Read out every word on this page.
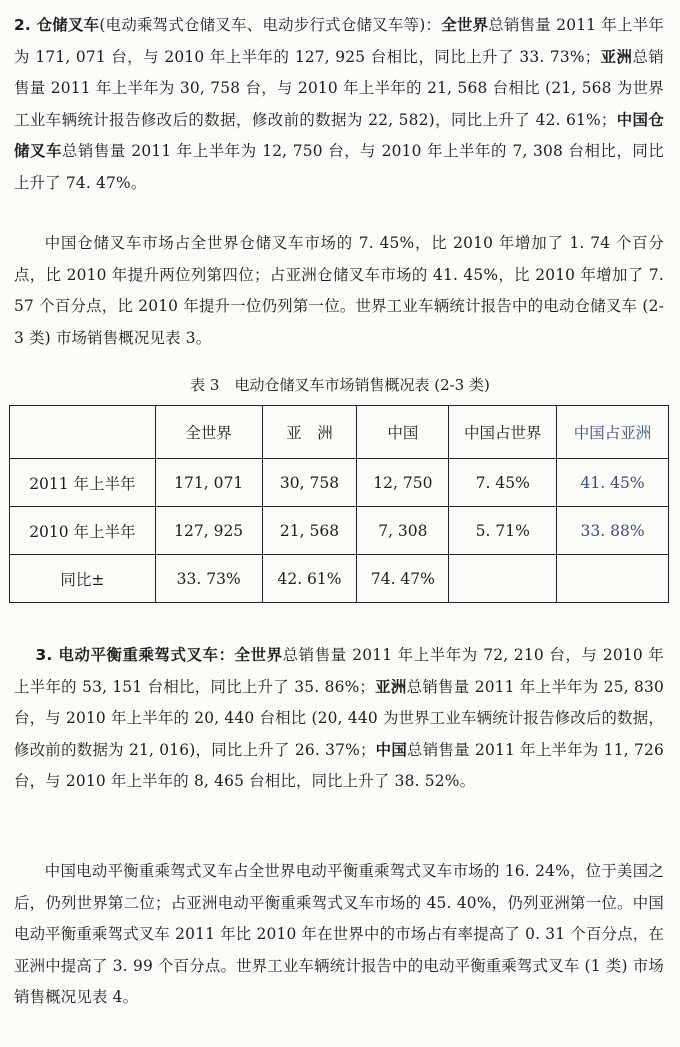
2. 仓储叉车(电动乘驾式仓储叉车、电动步行式仓储叉车等)：全世界总销售量 2011 年上半年为 171, 071 台，与 2010 年上半年的 127, 925 台相比，同比上升了 33. 73%；亚洲总销售量 2011 年上半年为 30, 758 台，与 2010 年上半年的 21, 568 台相比 (21, 568 为世界工业车辆统计报告修改后的数据，修改前的数据为 22, 582)，同比上升了 42. 61%；中国仓储叉车总销售量 2011 年上半年为 12, 750 台，与 2010 年上半年的 7, 308 台相比，同比上升了 74. 47%。

中国仓储叉车市场占全世界仓储叉车市场的 7. 45%，比 2010 年增加了 1. 74 个百分点，比 2010 年提升两位列第四位；占亚洲仓储叉车市场的 41. 45%，比 2010 年增加了 7. 57 个百分点，比 2010 年提升一位仍列第一位。世界工业车辆统计报告中的电动仓储叉车 (2-3 类) 市场销售概况见表 3。

表 3　电动仓储叉车市场销售概况表 (2-3 类)

	全世界	亚　洲	中国	中国占世界	中国占亚洲
2011 年上半年	171, 071	30, 758	12, 750	7. 45%	41. 45%
2010 年上半年	127, 925	21, 568	7, 308	5. 71%	33. 88%
同比±	33. 73%	42. 61%	74. 47%		

3. 电动平衡重乘驾式叉车：全世界总销售量 2011 年上半年为 72, 210 台，与 2010 年上半年的 53, 151 台相比，同比上升了 35. 86%；亚洲总销售量 2011 年上半年为 25, 830 台，与 2010 年上半年的 20, 440 台相比 (20, 440 为世界工业车辆统计报告修改后的数据，修改前的数据为 21, 016)，同比上升了 26. 37%；中国总销售量 2011 年上半年为 11, 726 台，与 2010 年上半年的 8, 465 台相比，同比上升了 38. 52%。

中国电动平衡重乘驾式叉车占全世界电动平衡重乘驾式叉车市场的 16. 24%，位于美国之后，仍列世界第二位；占亚洲电动平衡重乘驾式叉车市场的 45. 40%，仍列亚洲第一位。中国电动平衡重乘驾式叉车 2011 年比 2010 年在世界中的市场占有率提高了 0. 31 个百分点，在亚洲中提高了 3. 99 个百分点。世界工业车辆统计报告中的电动平衡重乘驾式叉车 (1 类) 市场销售概况见表 4。
